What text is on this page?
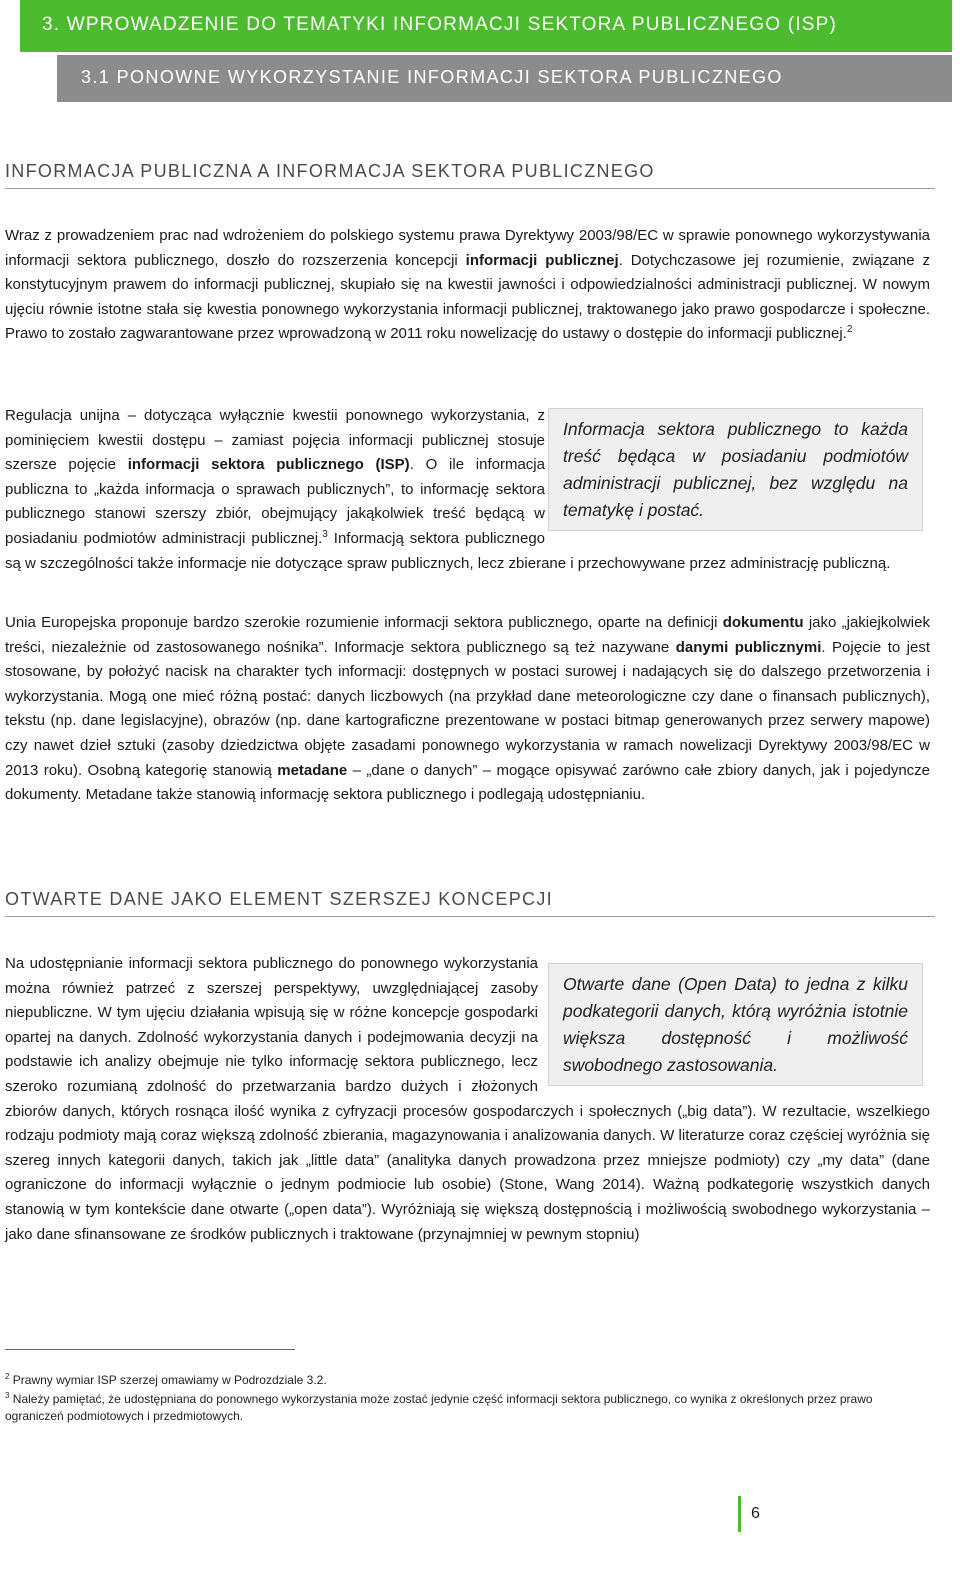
3. WPROWADZENIE DO TEMATYKI INFORMACJI SEKTORA PUBLICZNEGO (ISP)
3.1 PONOWNE WYKORZYSTANIE INFORMACJI SEKTORA PUBLICZNEGO
INFORMACJA PUBLICZNA A INFORMACJA SEKTORA PUBLICZNEGO

Wraz z prowadzeniem prac nad wdrożeniem do polskiego systemu prawa Dyrektywy 2003/98/EC w sprawie ponownego wykorzystywania informacji sektora publicznego, doszło do rozszerzenia koncepcji informacji publicznej. Dotychczasowe jej rozumienie, związane z konstytucyjnym prawem do informacji publicznej, skupiało się na kwestii jawności i odpowiedzialności administracji publicznej. W nowym ujęciu równie istotne stała się kwestia ponownego wykorzystania informacji publicznej, traktowanego jako prawo gospodarcze i społeczne. Prawo to zostało zagwarantowane przez wprowadzoną w 2011 roku nowelizację do ustawy o dostępie do informacji publicznej.$^2$

Informacja sektora publicznego to każda treść będąca w posiadaniu podmiotów administracji publicznej, bez względu na tematykę i postać.

Regulacja unijna – dotycząca wyłącznie kwestii ponownego wykorzystania, z pominięciem kwestii dostępu – zamiast pojęcia informacji publicznej stosuje szersze pojęcie informacji sektora publicznego (ISP). O ile informacja publiczna to „każda informacja o sprawach publicznych”, to informację sektora publicznego stanowi szerszy zbiór, obejmujący jakąkolwiek treść będącą w posiadaniu podmiotów administracji publicznej.$^3$ Informacją sektora publicznego są w szczególności także informacje nie dotyczące spraw publicznych, lecz zbierane i przechowywane przez administrację publiczną.

Unia Europejska proponuje bardzo szerokie rozumienie informacji sektora publicznego, oparte na definicji dokumentu jako „jakiejkolwiek treści, niezależnie od zastosowanego nośnika”. Informacje sektora publicznego są też nazywane danymi publicznymi. Pojęcie to jest stosowane, by położyć nacisk na charakter tych informacji: dostępnych w postaci surowej i nadających się do dalszego przetworzenia i wykorzystania. Mogą one mieć różną postać: danych liczbowych (na przykład dane meteorologiczne czy dane o finansach publicznych), tekstu (np. dane legislacyjne), obrazów (np. dane kartograficzne prezentowane w postaci bitmap generowanych przez serwery mapowe) czy nawet dzieł sztuki (zasoby dziedzictwa objęte zasadami ponownego wykorzystania w ramach nowelizacji Dyrektywy 2003/98/EC w 2013 roku). Osobną kategorię stanowią metadane – „dane o danych” – mogące opisywać zarówno całe zbiory danych, jak i pojedyncze dokumenty. Metadane także stanowią informację sektora publicznego i podlegają udostępnianiu.

OTWARTE DANE JAKO ELEMENT SZERSZEJ KONCEPCJI
Otwarte dane (Open Data) to jedna z kilku podkategorii danych, którą wyróżnia istotnie większa dostępność i możliwość swobodnego zastosowania.

Na udostępnianie informacji sektora publicznego do ponownego wykorzystania można również patrzeć z szerszej perspektywy, uwzględniającej zasoby niepubliczne. W tym ujęciu działania wpisują się w różne koncepcje gospodarki opartej na danych. Zdolność wykorzystania danych i podejmowania decyzji na podstawie ich analizy obejmuje nie tylko informację sektora publicznego, lecz szeroko rozumianą zdolność do przetwarzania bardzo dużych i złożonych zbiorów danych, których rosnąca ilość wynika z cyfryzacji procesów gospodarczych i społecznych („big data”). W rezultacie, wszelkiego rodzaju podmioty mają coraz większą zdolność zbierania, magazynowania i analizowania danych. W literaturze coraz częściej wyróżnia się szereg innych kategorii danych, takich jak „little data” (analityka danych prowadzona przez mniejsze podmioty) czy „my data” (dane ograniczone do informacji wyłącznie o jednym podmiocie lub osobie) (Stone, Wang 2014). Ważną podkategorię wszystkich danych stanowią w tym kontekście dane otwarte („open data”). Wyróżniają się większą dostępnością i możliwością swobodnego wykorzystania – jako dane sfinansowane ze środków publicznych i traktowane (przynajmniej w pewnym stopniu)

$^2$ Prawny wymiar ISP szerzej omawiamy w Podrozdziale 3.2.

$^3$ Należy pamiętać, że udostępniana do ponownego wykorzystania może zostać jedynie część informacji sektora publicznego, co wynika z określonych przez prawo ograniczeń podmiotowych i przedmiotowych.

6
